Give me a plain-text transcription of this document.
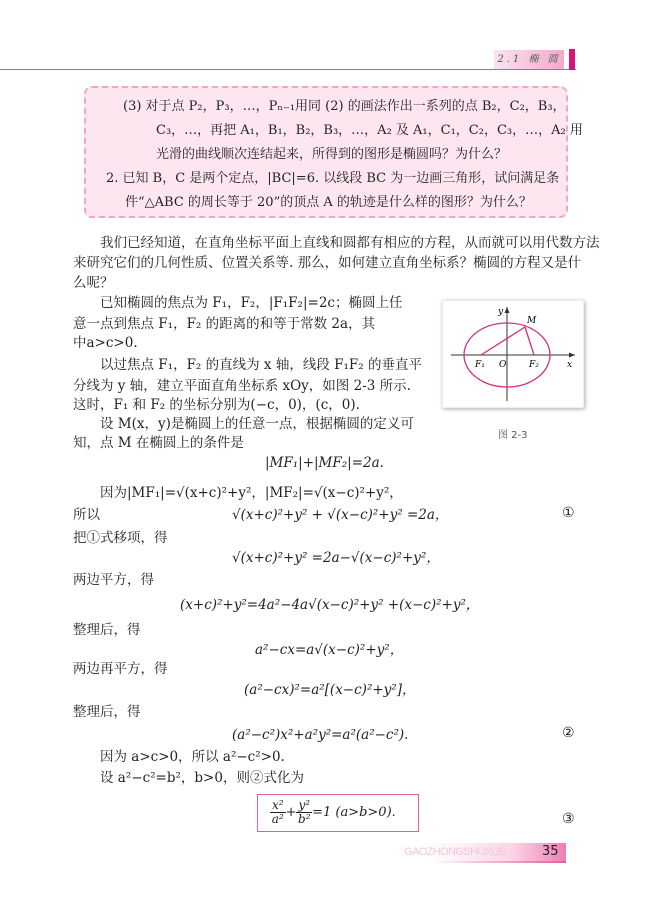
2.1 椭 圆
(3) 对于点 P₂，P₃，…，Pₙ₋₁用同 (2) 的画法作出一系列的点 B₂，C₂，B₃，
C₃，…，再把 A₁，B₁，B₂，B₃，…，A₂ 及 A₁，C₁，C₂，C₃，…，A₂ 用
光滑的曲线顺次连结起来，所得到的图形是椭圆吗？为什么？
2. 已知 B，C 是两个定点，|BC|=6. 以线段 BC 为一边画三角形，试问满足条
件“△ABC 的周长等于 20”的顶点 A 的轨迹是什么样的图形？为什么？
我们已经知道，在直角坐标平面上直线和圆都有相应的方程，从而就可以用代数方法
来研究它们的几何性质、位置关系等. 那么，如何建立直角坐标系？椭圆的方程又是什
么呢？
已知椭圆的焦点为 F₁，F₂，|F₁F₂|=2c；椭圆上任
意一点到焦点 F₁，F₂ 的距离的和等于常数 2a，其
中a>c>0.
以过焦点 F₁，F₂ 的直线为 x 轴，线段 F₁F₂ 的垂直平
分线为 y 轴，建立平面直角坐标系 xOy，如图 2-3 所示.
这时，F₁ 和 F₂ 的坐标分别为(−c，0)，(c，0).
设 M(x，y)是椭圆上的任意一点，根据椭圆的定义可
知，点 M 在椭圆上的条件是
|MF₁|+|MF₂|=2a.
因为|MF₁|=√(x+c)²+y²，|MF₂|=√(x−c)²+y²，
所以	√(x+c)²+y² + √(x−c)²+y² =2a，	①
把①式移项，得
√(x+c)²+y² =2a−√(x−c)²+y²，
两边平方，得
(x+c)²+y²=4a²−4a√(x−c)²+y² +(x−c)²+y²，
整理后，得
a²−cx=a√(x−c)²+y²，
两边再平方，得
(a²−cx)²=a²[(x−c)²+y²]，
整理后，得
(a²−c²)x²+a²y²=a²(a²−c²).	②
因为 a>c>0，所以 a²−c²>0.
设 a²−c²=b²，b>0，则②式化为
$\frac{\text{x²}}{\text{a²}} + \frac{\text{y²}}{\text{b²}} =1$ (a>b>0).	③
y
M
F₁ O	F₂	x
图 2-3
GAOZHONGSHUXUE	35
